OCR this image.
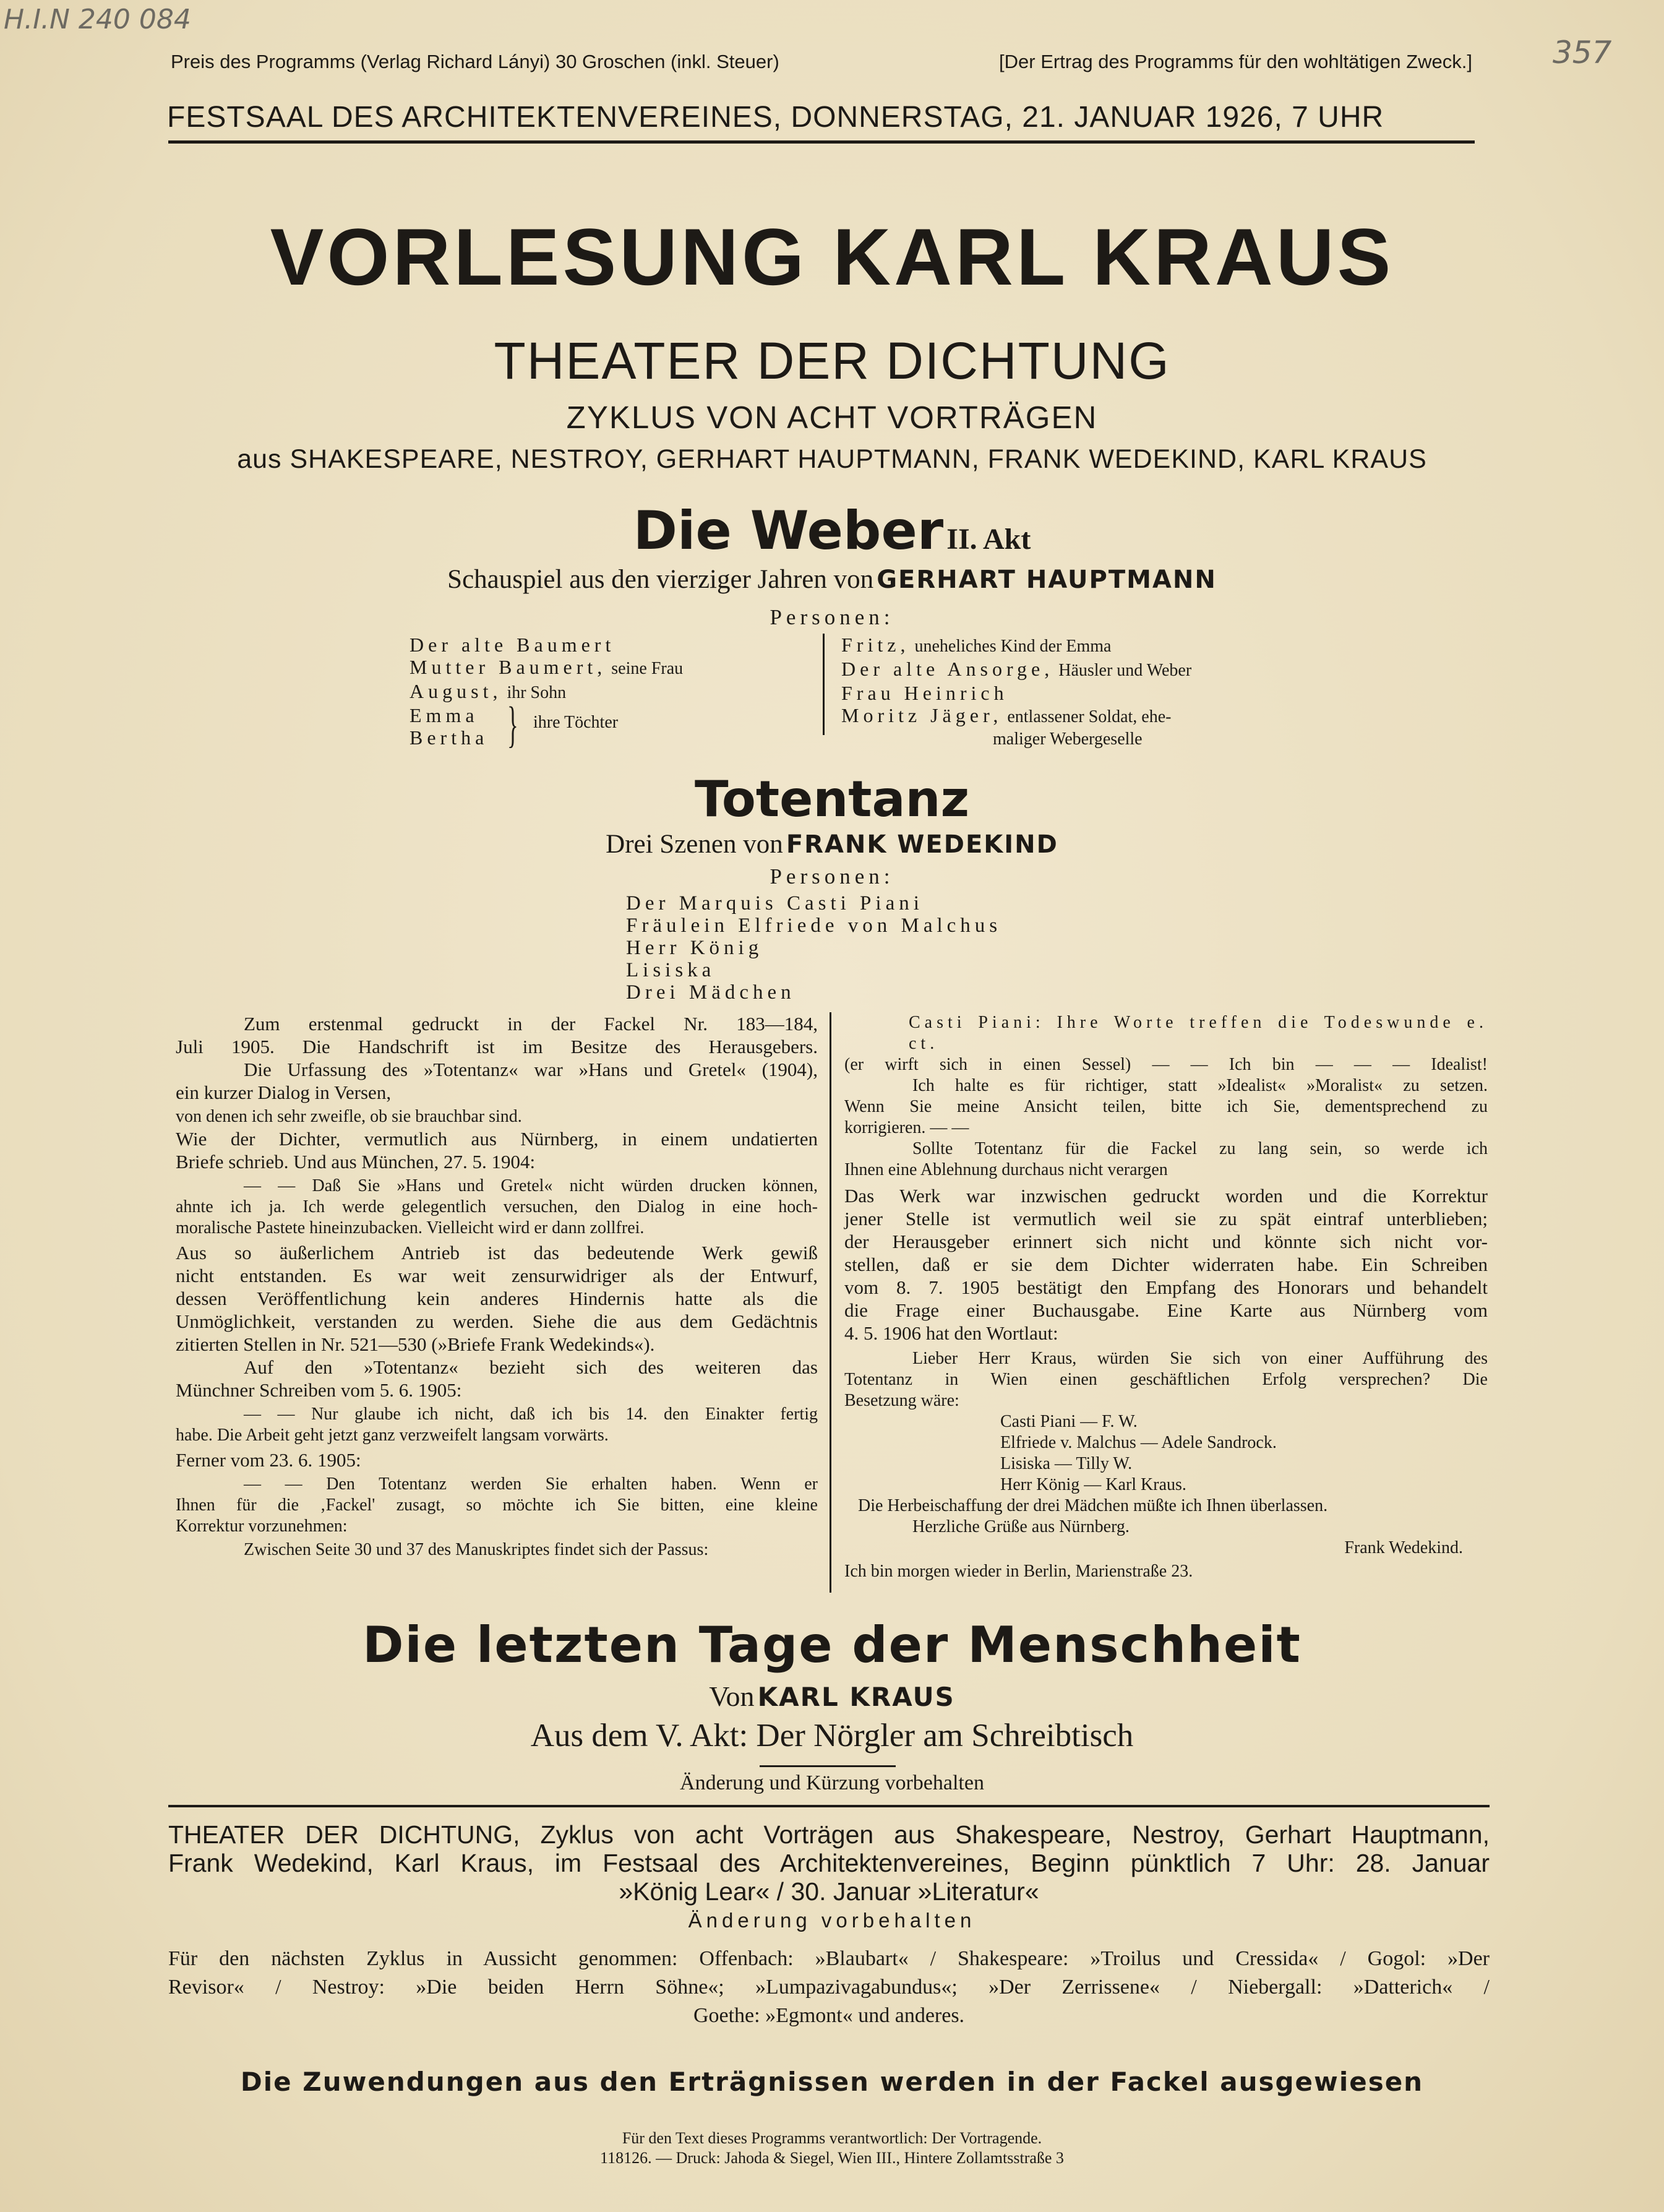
H.I.N 240 084
357
Preis des Programms (Verlag Richard Lányi) 30 Groschen (inkl. Steuer)	[Der Ertrag des Programms für den wohltätigen Zweck.]
FESTSAAL DES ARCHITEKTENVEREINES, DONNERSTAG, 21. JANUAR 1926, 7 UHR
VORLESUNG KARL KRAUS
THEATER DER DICHTUNG
ZYKLUS VON ACHT VORTRÄGEN
aus SHAKESPEARE, NESTROY, GERHART HAUPTMANN, FRANK WEDEKIND, KARL KRAUS
Die Weber II. Akt
Schauspiel aus den vierziger Jahren von GERHART HAUPTMANN
Personen:
Der alte Baumert
Mutter Baumert, seine Frau
August, ihr Sohn
Emma
Bertha } ihre Töchter
Fritz, uneheliches Kind der Emma
Der alte Ansorge, Häusler und Weber
Frau Heinrich
Moritz Jäger, entlassener Soldat, ehe-
maliger Webergeselle
Totentanz
Drei Szenen von FRANK WEDEKIND
Personen:
Der Marquis Casti Piani
Fräulein Elfriede von Malchus
Herr König
Lisiska
Drei Mädchen

Zum erstenmal gedruckt in der Fackel Nr. 183—184,

Juli 1905. Die Handschrift ist im Besitze des Herausgebers.

Die Urfassung des »Totentanz« war »Hans und Gretel« (1904),

ein kurzer Dialog in Versen,

von denen ich sehr zweifle, ob sie brauchbar sind.

Wie der Dichter, vermutlich aus Nürnberg, in einem undatierten

Briefe schrieb. Und aus München, 27. 5. 1904:

— — Daß Sie »Hans und Gretel« nicht würden drucken können,

ahnte ich ja. Ich werde gelegentlich versuchen, den Dialog in eine hoch-

moralische Pastete hineinzubacken. Vielleicht wird er dann zollfrei.

Aus so äußerlichem Antrieb ist das bedeutende Werk gewiß

nicht entstanden. Es war weit zensurwidriger als der Entwurf,

dessen Veröffentlichung kein anderes Hindernis hatte als die

Unmöglichkeit, verstanden zu werden. Siehe die aus dem Gedächtnis

zitierten Stellen in Nr. 521—530 (»Briefe Frank Wedekinds«).

Auf den »Totentanz« bezieht sich des weiteren das

Münchner Schreiben vom 5. 6. 1905:

— — Nur glaube ich nicht, daß ich bis 14. den Einakter fertig

habe. Die Arbeit geht jetzt ganz verzweifelt langsam vorwärts.

Ferner vom 23. 6. 1905:

— — Den Totentanz werden Sie erhalten haben. Wenn er

Ihnen für die ‚Fackel' zusagt, so möchte ich Sie bitten, eine kleine

Korrektur vorzunehmen:

Zwischen Seite 30 und 37 des Manuskriptes findet sich der Passus:

Casti Piani: Ihre Worte treffen die Todeswunde e. ct.

(er wirft sich in einen Sessel) — — Ich bin — — — Idealist!

Ich halte es für richtiger, statt »Idealist« »Moralist« zu setzen.

Wenn Sie meine Ansicht teilen, bitte ich Sie, dementsprechend zu

korrigieren. — —

Sollte Totentanz für die Fackel zu lang sein, so werde ich

Ihnen eine Ablehnung durchaus nicht verargen

Das Werk war inzwischen gedruckt worden und die Korrektur

jener Stelle ist vermutlich weil sie zu spät eintraf unterblieben;

der Herausgeber erinnert sich nicht und könnte sich nicht vor-

stellen, daß er sie dem Dichter widerraten habe. Ein Schreiben

vom 8. 7. 1905 bestätigt den Empfang des Honorars und behandelt

die Frage einer Buchausgabe. Eine Karte aus Nürnberg vom

4. 5. 1906 hat den Wortlaut:

Lieber Herr Kraus, würden Sie sich von einer Aufführung des

Totentanz in Wien einen geschäftlichen Erfolg versprechen? Die

Besetzung wäre:

Casti Piani — F. W.

Elfriede v. Malchus — Adele Sandrock.

Lisiska — Tilly W.

Herr König — Karl Kraus.

Die Herbeischaffung der drei Mädchen müßte ich Ihnen überlassen.

Herzliche Grüße aus Nürnberg.

Frank Wedekind.

Ich bin morgen wieder in Berlin, Marienstraße 23.

Die letzten Tage der Menschheit
Von KARL KRAUS
Aus dem V. Akt: Der Nörgler am Schreibtisch
Änderung und Kürzung vorbehalten
THEATER DER DICHTUNG, Zyklus von acht Vorträgen aus Shakespeare, Nestroy, Gerhart Hauptmann,
Frank Wedekind, Karl Kraus, im Festsaal des Architektenvereines, Beginn pünktlich 7 Uhr: 28. Januar
»König Lear« / 30. Januar »Literatur«
Änderung vorbehalten
Für den nächsten Zyklus in Aussicht genommen: Offenbach: »Blaubart« / Shakespeare: »Troilus und Cressida« / Gogol: »Der
Revisor« / Nestroy: »Die beiden Herrn Söhne«; »Lumpazivagabundus«; »Der Zerrissene« / Niebergall: »Datterich« /
Goethe: »Egmont« und anderes.
Die Zuwendungen aus den Erträgnissen werden in der Fackel ausgewiesen
Für den Text dieses Programms verantwortlich: Der Vortragende.
118126. — Druck: Jahoda & Siegel, Wien III., Hintere Zollamtsstraße 3
